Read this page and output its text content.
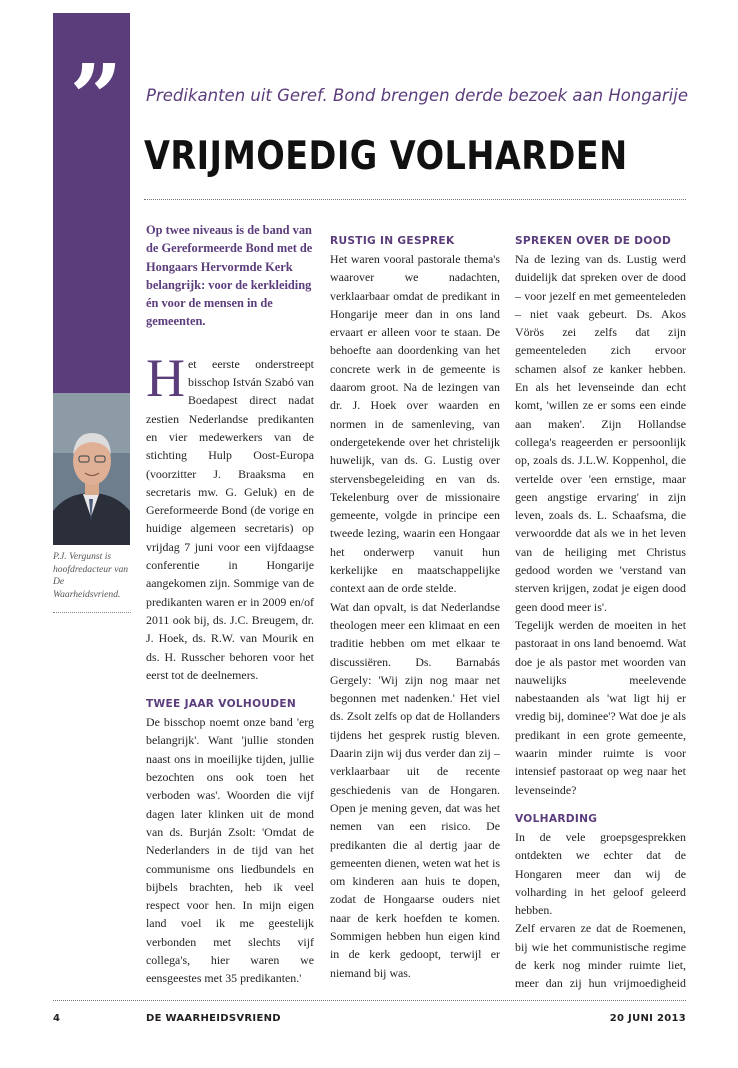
”	Predikanten uit Geref. Bond brengen derde bezoek aan Hongarije
VRIJMOEDIG VOLHARDEN
P.J. Vergunst is hoofdredacteur van De Waarheidsvriend.

Op twee niveaus is de band van de Gereformeerde Bond met de Hongaars Hervormde Kerk belangrijk: voor de kerkleiding én voor de mensen in de gemeenten.

Het eerste onderstreept bisschop István Szabó van Boedapest direct nadat zestien Nederlandse predikanten en vier medewerkers van de stichting Hulp Oost-Europa (voorzitter J. Braaksma en secretaris mw. G. Geluk) en de Gereformeerde Bond (de vorige en huidige algemeen secretaris) op vrijdag 7 juni voor een vijfdaagse conferentie in Hongarije aangekomen zijn. Sommige van de predikanten waren er in 2009 en/of 2011 ook bij, ds. J.C. Breugem, dr. J. Hoek, ds. R.W. van Mourik en ds. H. Russcher behoren voor het eerst tot de deelnemers.

TWEE JAAR VOLHOUDEN

De bisschop noemt onze band 'erg belangrijk'. Want 'jullie stonden naast ons in moeilijke tijden, jullie bezochten ons ook toen het verboden was'. Woorden die vijf dagen later klinken uit de mond van ds. Burján Zsolt: 'Omdat de Nederlanders in de tijd van het communisme ons liedbundels en bijbels brachten, heb ik veel respect voor hen. In mijn eigen land voel ik me geestelijk verbonden met slechts vijf collega's, hier waren we eensgeestes met 35 predikanten.'

RUSTIG IN GESPREK

Het waren vooral pastorale thema's waarover we nadachten, verklaarbaar omdat de predikant in Hongarije meer dan in ons land ervaart er alleen voor te staan. De behoefte aan doordenking van het concrete werk in de gemeente is daarom groot. Na de lezingen van dr. J. Hoek over waarden en normen in de samenleving, van ondergetekende over het christelijk huwelijk, van ds. G. Lustig over stervensbegeleiding en van ds. Tekelenburg over de missionaire gemeente, volgde in principe een tweede lezing, waarin een Hongaar het onderwerp vanuit hun kerkelijke en maatschappelijke context aan de orde stelde.

Wat dan opvalt, is dat Nederlandse theologen meer een klimaat en een traditie hebben om met elkaar te discussiëren. Ds. Barnabás Gergely: 'Wij zijn nog maar net begonnen met nadenken.' Het viel ds. Zsolt zelfs op dat de Hollanders tijdens het gesprek rustig bleven. Daarin zijn wij dus verder dan zij – verklaarbaar uit de recente geschiedenis van de Hongaren. Open je mening geven, dat was het nemen van een risico. De predikanten die al dertig jaar de gemeenten dienen, weten wat het is om kinderen aan huis te dopen, zodat de Hongaarse ouders niet naar de kerk hoefden te komen. Sommigen hebben hun eigen kind in de kerk gedoopt, terwijl er niemand bij was.

SPREKEN OVER DE DOOD

Na de lezing van ds. Lustig werd duidelijk dat spreken over de dood – voor jezelf en met gemeenteleden – niet vaak gebeurt. Ds. Akos Vörös zei zelfs dat zijn gemeenteleden zich ervoor schamen alsof ze kanker hebben. En als het levenseinde dan echt komt, 'willen ze er soms een einde aan maken'. Zijn Hollandse collega's reageerden er persoonlijk op, zoals ds. J.L.W. Koppenhol, die vertelde over 'een ernstige, maar geen angstige ervaring' in zijn leven, zoals ds. L. Schaafsma, die verwoordde dat als we in het leven van de heiliging met Christus gedood worden we 'verstand van sterven krijgen, zodat je eigen dood geen dood meer is'.

Tegelijk werden de moeiten in het pastoraat in ons land benoemd. Wat doe je als pastor met woorden van nauwelijks meelevende nabestaanden als 'wat ligt hij er vredig bij, dominee'? Wat doe je als predikant in een grote gemeente, waarin minder ruimte is voor intensief pastoraat op weg naar het levenseinde?

VOLHARDING

In de vele groepsgesprekken ontdekten we echter dat de Hongaren meer dan wij de volharding in het geloof geleerd hebben.

Zelf ervaren ze dat de Roemenen, bij wie het communistische regime de kerk nog minder ruimte liet, meer dan zij hun vrijmoedigheid

4	DE WAARHEIDSVRIEND	20 JUNI 2013
